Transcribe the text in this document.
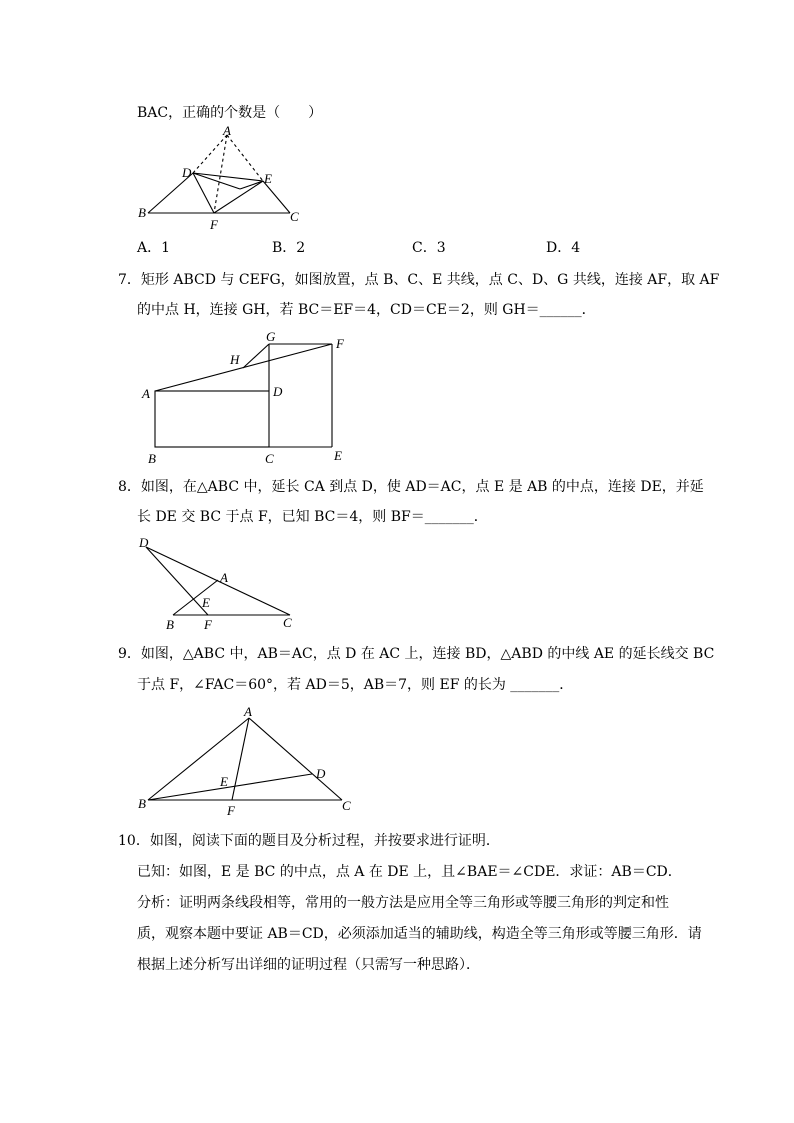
BAC，正确的个数是（　　）
A
D	E
B	C
F
A．1	B．2	C．3	D．4
7．矩形 ABCD 与 CEFG，如图放置，点 B、C、E 共线，点 C、D、G 共线，连接 AF，取 AF
的中点 H，连接 GH，若 BC＝EF＝4，CD＝CE＝2，则 GH＝______．
G	F
H
A	D
B	C	E
8．如图，在△ABC 中，延长 CA 到点 D，使 AD＝AC，点 E 是 AB 的中点，连接 DE，并延
长 DE 交 BC 于点 F，已知 BC＝4，则 BF＝_______．
D
A
E
B F	C
9．如图，△ABC 中，AB＝AC，点 D 在 AC 上，连接 BD，△ABD 的中线 AE 的延长线交 BC
于点 F，∠FAC＝60°，若 AD＝5，AB＝7，则 EF 的长为 _______．
A
D
E
B	F	C
10．如图，阅读下面的题目及分析过程，并按要求进行证明．
已知：如图，E 是 BC 的中点，点 A 在 DE 上，且∠BAE＝∠CDE．求证：AB＝CD．
分析：证明两条线段相等，常用的一般方法是应用全等三角形或等腰三角形的判定和性
质，观察本题中要证 AB＝CD，必须添加适当的辅助线，构造全等三角形或等腰三角形．请
根据上述分析写出详细的证明过程（只需写一种思路）．
